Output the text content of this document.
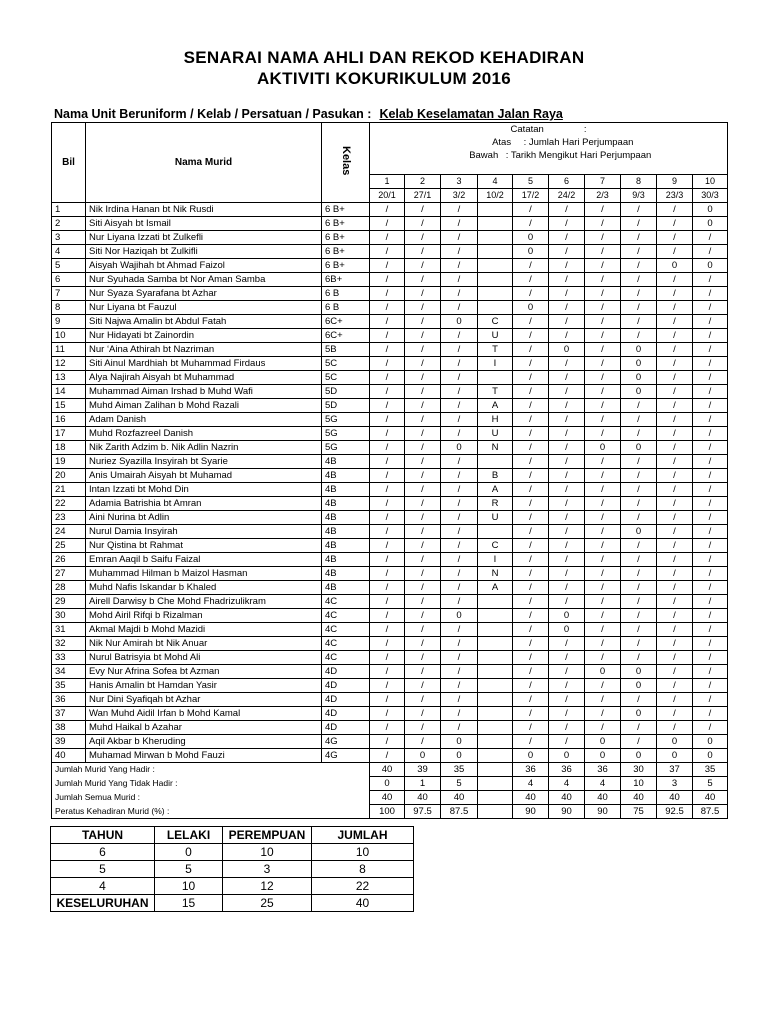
SENARAI NAMA AHLI DAN REKOD KEHADIRAN
AKTIVITI KOKURIKULUM 2016
Nama Unit Beruniform / Kelab / Persatuan / Pasukan : Kelab Keselamatan Jalan Raya
Bil	Nama Murid	Kelas	Catatan :
Atas : Jumlah Hari Perjumpaan
Bawah : Tarikh Mengikut Hari Perjumpaan									

			1	2	3	4	5	6	7	8	9	10
			20/1	27/1	3/2	10/2	17/2	24/2	2/3	9/3	23/3	30/3
1	Nik Irdina Hanan bt Nik Rusdi	6 B+	/	/	/		/	/	/	/	/	0
2	Siti Aisyah bt Ismail	6 B+	/	/	/		/	/	/	/	/	0
3	Nur Liyana Izzati bt Zulkefli	6 B+	/	/	/		0	/	/	/	/	/
4	Siti Nor Haziqah bt Zulkifli	6 B+	/	/	/		0	/	/	/	/	/
5	Aisyah Wajihah bt Ahmad Faizol	6 B+	/	/	/		/	/	/	/	0	0
6	Nur Syuhada Samba bt Nor Aman Samba	6B+	/	/	/		/	/	/	/	/	/
7	Nur Syaza Syarafana bt Azhar	6 B	/	/	/		/	/	/	/	/	/
8	Nur Liyana bt Fauzul	6 B	/	/	/		0	/	/	/	/	/
9	Siti Najwa Amalin bt Abdul Fatah	6C+	/	/	0	C	/	/	/	/	/	/
10	Nur Hidayati bt Zainordin	6C+	/	/	/	U	/	/	/	/	/	/
11	Nur ‘Aina Athirah bt Nazriman	5B	/	/	/	T	/	0	/	0	/	/
12	Siti Ainul Mardhiah bt Muhammad Firdaus	5C	/	/	/	I	/	/	/	0	/	/
13	Alya Najirah Aisyah bt Muhammad	5C	/	/	/		/	/	/	0	/	/
14	Muhammad Aiman Irshad b Muhd Wafi	5D	/	/	/	T	/	/	/	0	/	/
15	Muhd Aiman Zalihan b Mohd Razali	5D	/	/	/	A	/	/	/	/	/	/
16	Adam Danish	5G	/	/	/	H	/	/	/	/	/	/
17	Muhd Rozfazreel Danish	5G	/	/	/	U	/	/	/	/	/	/
18	Nik Zarith Adzim b. Nik Adlin Nazrin	5G	/	/	0	N	/	/	0	0	/	/
19	Nuriez Syazilla Insyirah bt Syarie	4B	/	/	/		/	/	/	/	/	/
20	Anis Umairah Aisyah bt Muhamad	4B	/	/	/	B	/	/	/	/	/	/
21	Intan Izzati bt Mohd Din	4B	/	/	/	A	/	/	/	/	/	/
22	Adamia Batrishia bt Amran	4B	/	/	/	R	/	/	/	/	/	/
23	Aini Nurina bt Adlin	4B	/	/	/	U	/	/	/	/	/	/
24	Nurul Damia Insyirah	4B	/	/	/		/	/	/	0	/	/
25	Nur Qistina bt Rahmat	4B	/	/	/	C	/	/	/	/	/	/
26	Emran Aaqil b Saifu Faizal	4B	/	/	/	I	/	/	/	/	/	/
27	Muhammad Hilman b Maizol Hasman	4B	/	/	/	N	/	/	/	/	/	/
28	Muhd Nafis Iskandar b Khaled	4B	/	/	/	A	/	/	/	/	/	/
29	Airell Darwisy b Che Mohd Fhadrizulikram	4C	/	/	/		/	/	/	/	/	/
30	Mohd Airil Rifqi b Rizalman	4C	/	/	0		/	0	/	/	/	/
31	Akmal Majdi b Mohd Mazidi	4C	/	/	/		/	0	/	/	/	/
32	Nik Nur Amirah bt Nik Anuar	4C	/	/	/		/	/	/	/	/	/
33	Nurul Batrisyia bt Mohd Ali	4C	/	/	/		/	/	/	/	/	/
34	Evy Nur Afrina Sofea bt Azman	4D	/	/	/		/	/	0	0	/	/
35	Hanis Amalin bt Hamdan Yasir	4D	/	/	/		/	/	/	0	/	/
36	Nur Dini Syafiqah bt Azhar	4D	/	/	/		/	/	/	/	/	/
37	Wan Muhd Aidil Irfan b Mohd Kamal	4D	/	/	/		/	/	/	0	/	/
38	Muhd Haikal b Azahar	4D	/	/	/		/	/	/	/	/	/
39	Aqil Akbar b Kheruding	4G	/	/	0		/	/	0	/	0	0
40	Muhamad Mirwan b Mohd Fauzi	4G	/	0	0		0	0	0	0	0	0
Jumlah Murid Yang Hadir :			40	39	35		36	36	36	30	37	35
Jumlah Murid Yang Tidak Hadir :			0	1	5		4	4	4	10	3	5
Jumlah Semua Murid :			40	40	40		40	40	40	40	40	40
Peratus Kehadiran Murid (%) :			100	97.5	87.5		90	90	90	75	92.5	87.5
TAHUN	LELAKI	PEREMPUAN	JUMLAH
6	0	10	10
5	5	3	8
4	10	12	22
KESELURUHAN	15	25	40
